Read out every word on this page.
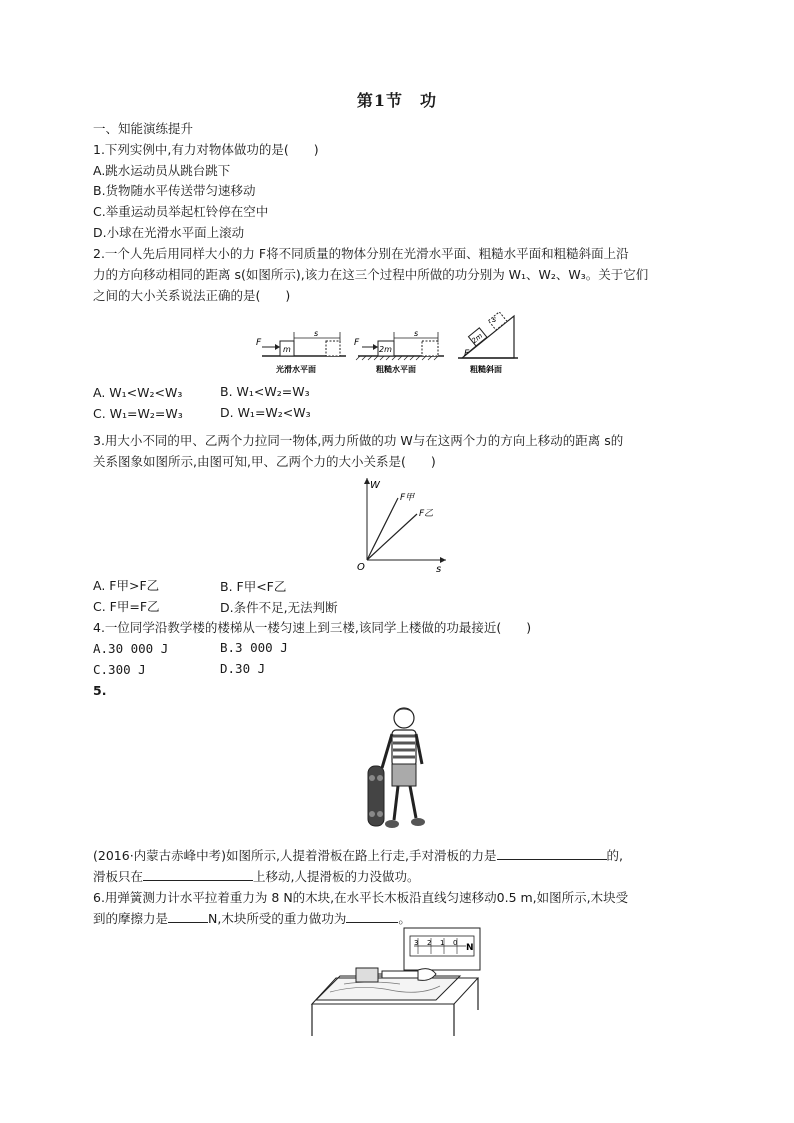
第1节　功
一、知能演练提升
1.下列实例中,有力对物体做功的是(　　)
A.跳水运动员从跳台跳下
B.货物随水平传送带匀速移动
C.举重运动员举起杠铃停在空中
D.小球在光滑水平面上滚动
2.一个人先后用同样大小的力 F将不同质量的物体分别在光滑水平面、粗糙水平面和粗糙斜面上沿
力的方向移动相同的距离 s(如图所示),该力在这三个过程中所做的功分别为 W₁、W₂、W₃。关于它们
之间的大小关系说法正确的是(　　)
F
m
s
光滑水平面
F
2m
s
粗糙水平面
2m
F
s
粗糙斜面
A. W₁<W₂<W₃	B. W₁<W₂=W₃
C. W₁=W₂=W₃	D. W₁=W₂<W₃
3.用大小不同的甲、乙两个力拉同一物体,两力所做的功 W与在这两个力的方向上移动的距离 s的
关系图象如图所示,由图可知,甲、乙两个力的大小关系是(　　)
W
s
O
F甲
F乙
A. F甲>F乙	B. F甲<F乙
C. F甲=F乙	D.条件不足,无法判断
4.一位同学沿教学楼的楼梯从一楼匀速上到三楼,该同学上楼做的功最接近(　　)
A.30 000 J	B.3 000 J
C.300 J	D.30 J
5.
(2016·内蒙古赤峰中考)如图所示,人提着滑板在路上行走,手对滑板的力是	的,
滑板只在	上移动,人提滑板的力没做功。
6.用弹簧测力计水平拉着重力为 8 N的木块,在水平长木板沿直线匀速移动0.5 m,如图所示,木块受
到的摩擦力是	N,木块所受的重力做功为	。
3 2 1 0 N
